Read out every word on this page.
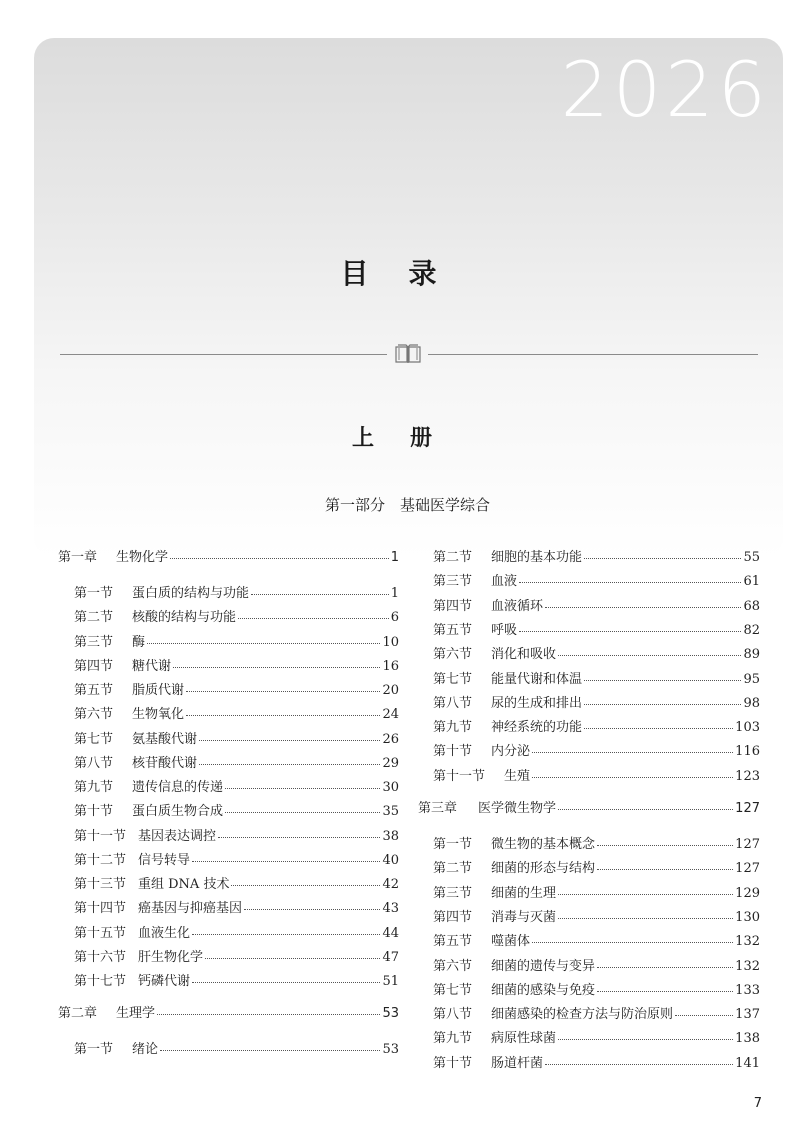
2026
目录
上册
第一部分　基础医学综合
第一章	生物化学	1
第一节	蛋白质的结构与功能	1
第二节	核酸的结构与功能	6
第三节	酶	10
第四节	糖代谢	16
第五节	脂质代谢	20
第六节	生物氧化	24
第七节	氨基酸代谢	26
第八节	核苷酸代谢	29
第九节	遗传信息的传递	30
第十节	蛋白质生物合成	35
第十一节 基因表达调控	38
第十二节 信号转导	40
第十三节 重组 DNA 技术	42
第十四节 癌基因与抑癌基因	43
第十五节 血液生化	44
第十六节 肝生物化学	47
第十七节 钙磷代谢	51
第二章	生理学	53
第一节	绪论	53
第二节	细胞的基本功能	55
第三节	血液	61
第四节	血液循环	68
第五节	呼吸	82
第六节	消化和吸收	89
第七节	能量代谢和体温	95
第八节	尿的生成和排出	98
第九节	神经系统的功能	103
第十节	内分泌	116
第十一节	生殖	123
第三章	医学微生物学	127
第一节	微生物的基本概念	127
第二节	细菌的形态与结构	127
第三节	细菌的生理	129
第四节	消毒与灭菌	130
第五节	噬菌体	132
第六节	细菌的遗传与变异	132
第七节	细菌的感染与免疫	133
第八节	细菌感染的检查方法与防治原则	137
第九节	病原性球菌	138
第十节	肠道杆菌	141
7
